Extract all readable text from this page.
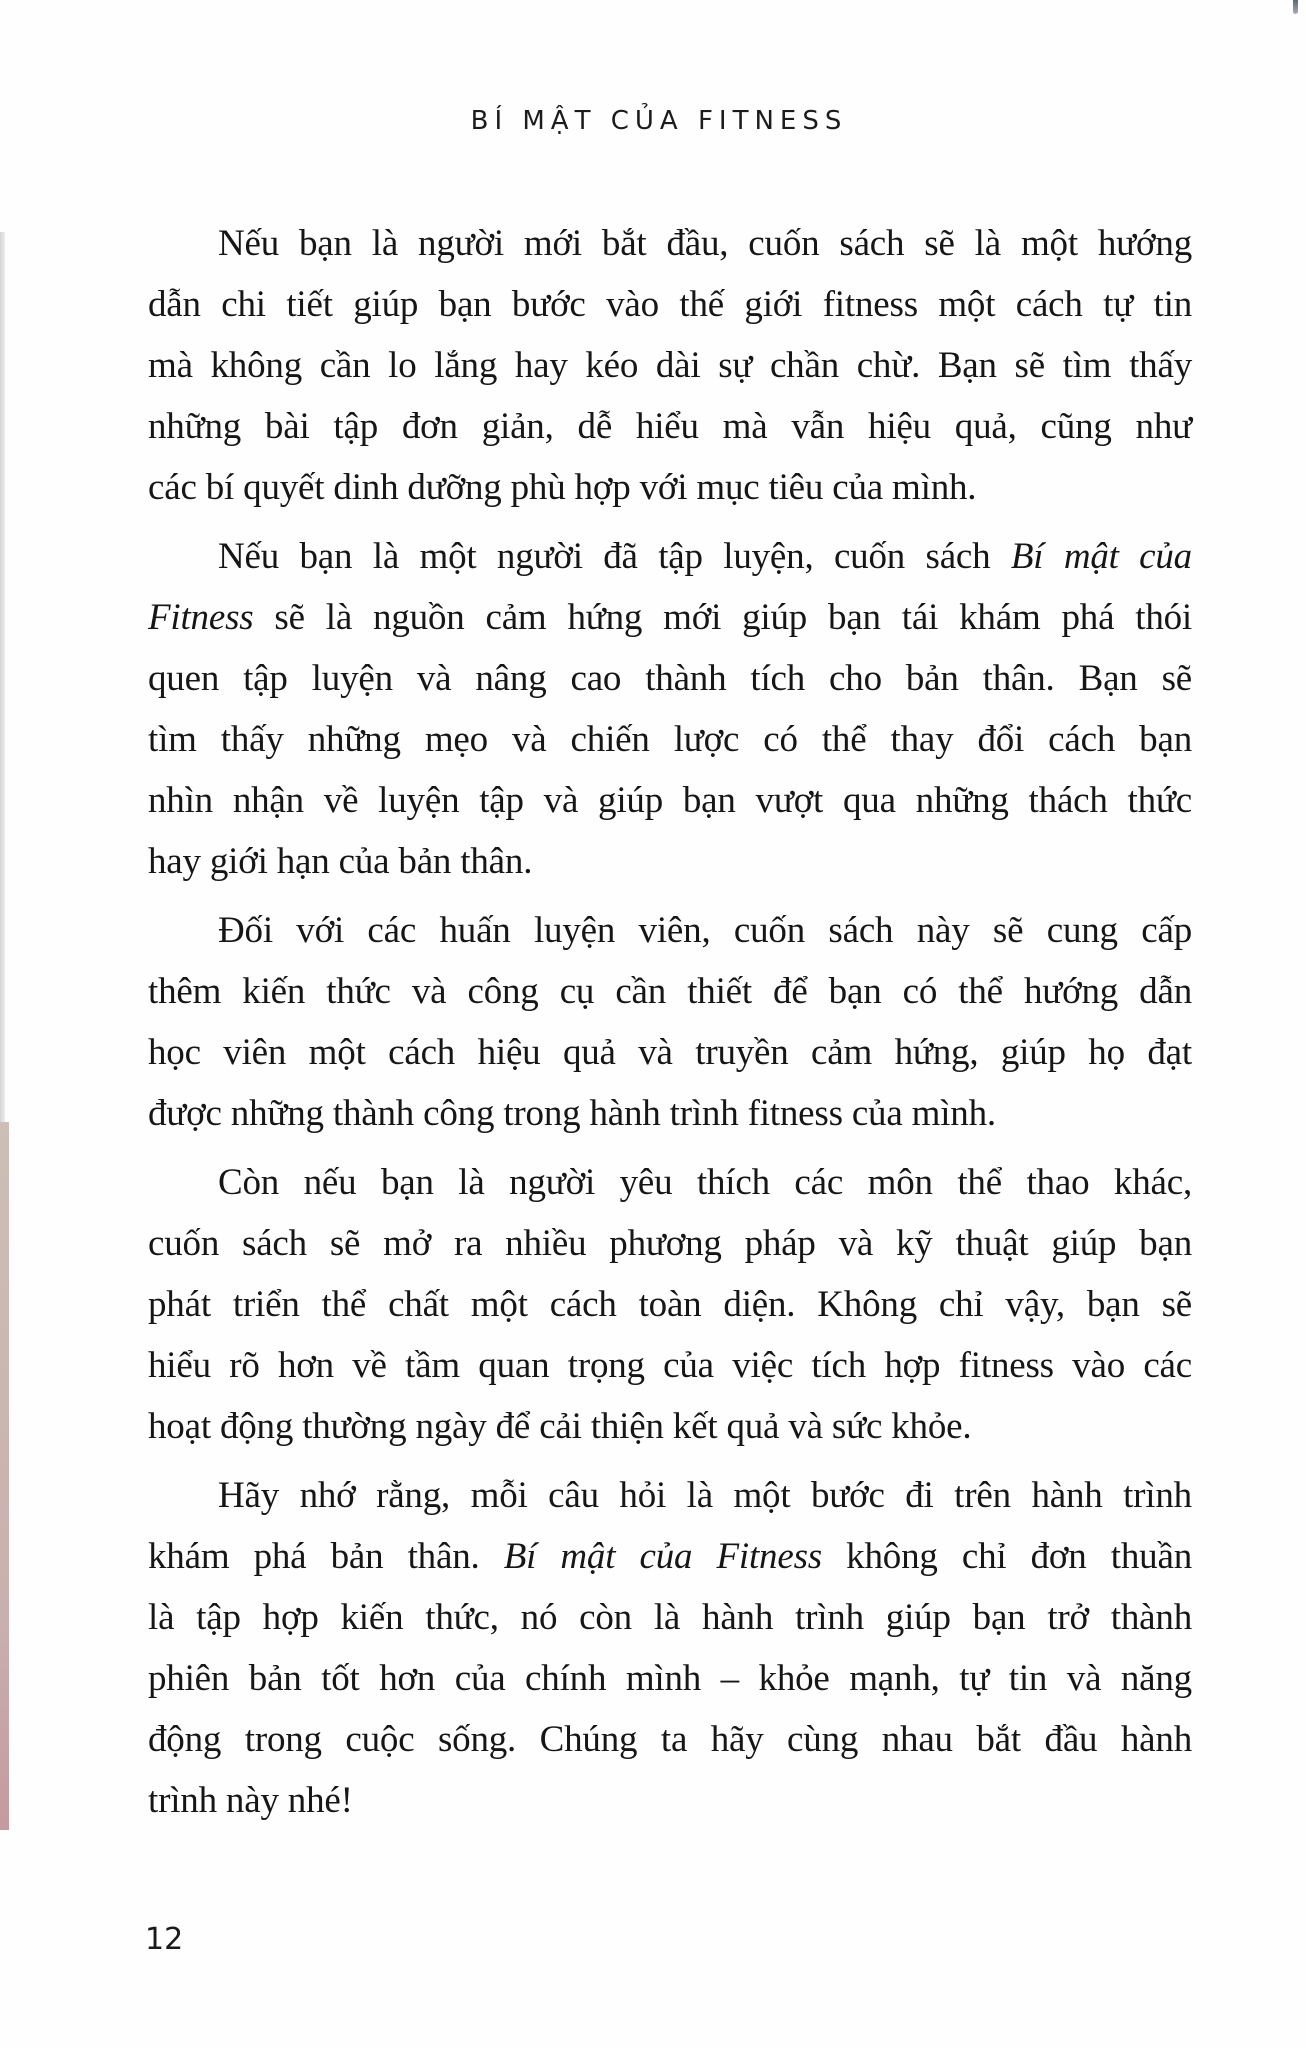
BÍ MẬT CỦA FITNESS
Nếu bạn là người mới bắt đầu, cuốn sách sẽ là một hướng
dẫn chi tiết giúp bạn bước vào thế giới fitness một cách tự tin
mà không cần lo lắng hay kéo dài sự chần chừ. Bạn sẽ tìm thấy
những bài tập đơn giản, dễ hiểu mà vẫn hiệu quả, cũng như
các bí quyết dinh dưỡng phù hợp với mục tiêu của mình.
Nếu bạn là một người đã tập luyện, cuốn sách Bí mật của
Fitness sẽ là nguồn cảm hứng mới giúp bạn tái khám phá thói
quen tập luyện và nâng cao thành tích cho bản thân. Bạn sẽ
tìm thấy những mẹo và chiến lược có thể thay đổi cách bạn
nhìn nhận về luyện tập và giúp bạn vượt qua những thách thức
hay giới hạn của bản thân.
Đối với các huấn luyện viên, cuốn sách này sẽ cung cấp
thêm kiến thức và công cụ cần thiết để bạn có thể hướng dẫn
học viên một cách hiệu quả và truyền cảm hứng, giúp họ đạt
được những thành công trong hành trình fitness của mình.
Còn nếu bạn là người yêu thích các môn thể thao khác,
cuốn sách sẽ mở ra nhiều phương pháp và kỹ thuật giúp bạn
phát triển thể chất một cách toàn diện. Không chỉ vậy, bạn sẽ
hiểu rõ hơn về tầm quan trọng của việc tích hợp fitness vào các
hoạt động thường ngày để cải thiện kết quả và sức khỏe.
Hãy nhớ rằng, mỗi câu hỏi là một bước đi trên hành trình
khám phá bản thân. Bí mật của Fitness không chỉ đơn thuần
là tập hợp kiến thức, nó còn là hành trình giúp bạn trở thành
phiên bản tốt hơn của chính mình – khỏe mạnh, tự tin và năng
động trong cuộc sống. Chúng ta hãy cùng nhau bắt đầu hành
trình này nhé!
12
